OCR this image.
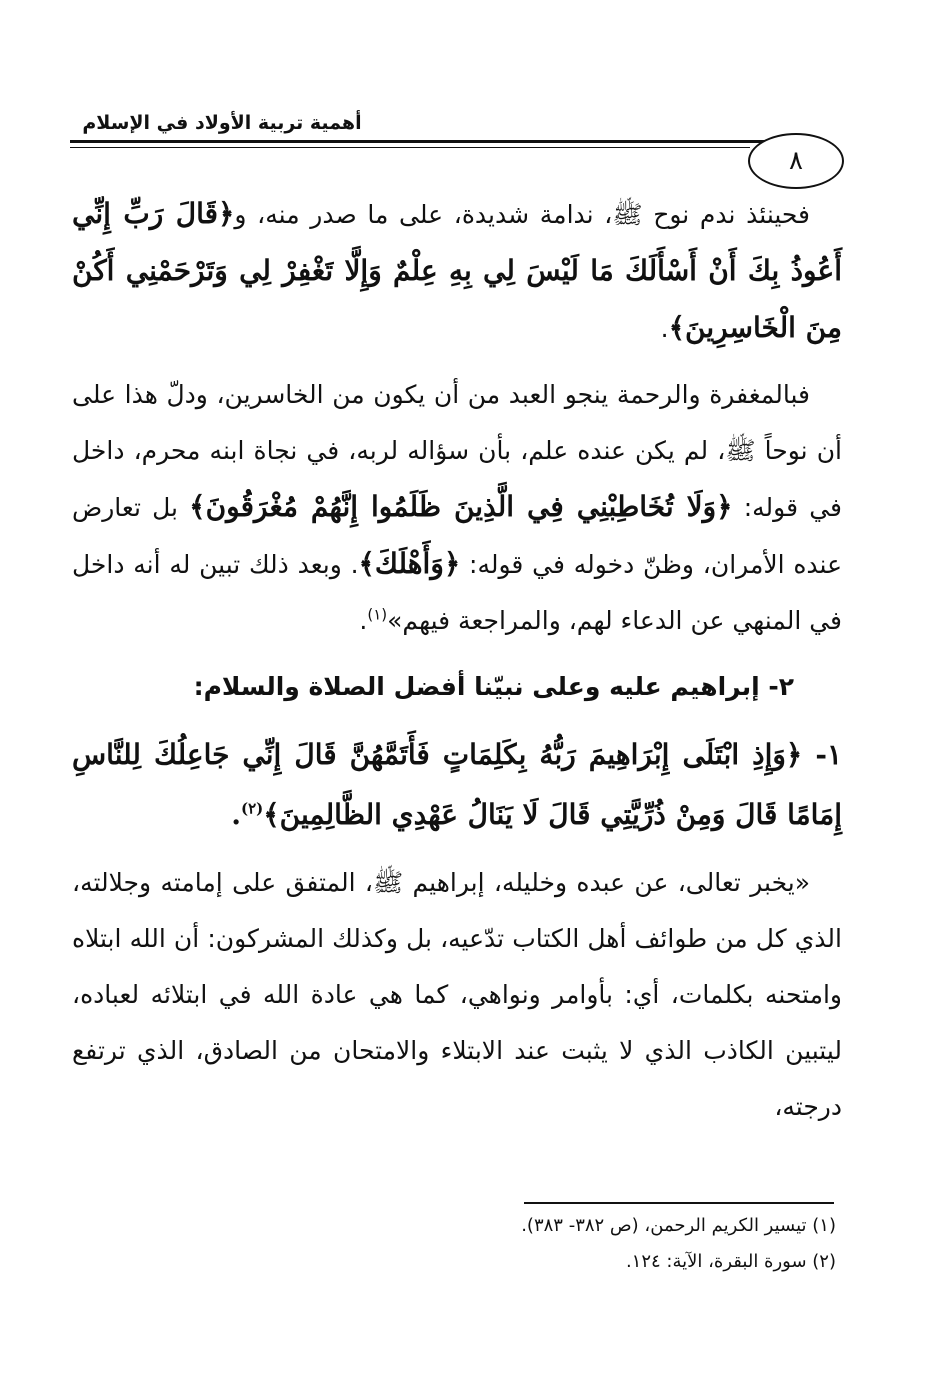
أهمية تربية الأولاد في الإسلام
٨

فحينئذ ندم نوح ﷺ، ندامة شديدة، على ما صدر منه، و﴿قَالَ رَبِّ إِنِّي أَعُوذُ بِكَ أَنْ أَسْأَلَكَ مَا لَيْسَ لِي بِهِ عِلْمٌ وَإِلَّا تَغْفِرْ لِي وَتَرْحَمْنِي أَكُنْ مِنَ الْخَاسِرِينَ﴾.

فبالمغفرة والرحمة ينجو العبد من أن يكون من الخاسرين، ودلّ هذا على أن نوحاً ﷺ، لم يكن عنده علم، بأن سؤاله لربه، في نجاة ابنه محرم، داخل في قوله: ﴿وَلَا تُخَاطِبْنِي فِي الَّذِينَ ظَلَمُوا إِنَّهُمْ مُغْرَقُونَ﴾ بل تعارض عنده الأمران، وظنّ دخوله في قوله: ﴿وَأَهْلَكَ﴾. وبعد ذلك تبين له أنه داخل في المنهي عن الدعاء لهم، والمراجعة فيهم»$^{(١)}$.

٢- إبراهيم عليه وعلى نبيّنا أفضل الصلاة والسلام:

١- ﴿وَإِذِ ابْتَلَى إِبْرَاهِيمَ رَبُّهُ بِكَلِمَاتٍ فَأَتَمَّهُنَّ قَالَ إِنِّي جَاعِلُكَ لِلنَّاسِ إِمَامًا قَالَ وَمِنْ ذُرِّيَّتِي قَالَ لَا يَنَالُ عَهْدِي الظَّالِمِينَ﴾$^{(٢)}$.

«يخبر تعالى، عن عبده وخليله، إبراهيم ﷺ، المتفق على إمامته وجلالته، الذي كل من طوائف أهل الكتاب تدّعيه، بل وكذلك المشركون: أن الله ابتلاه وامتحنه بكلمات، أي: بأوامر ونواهي، كما هي عادة الله في ابتلائه لعباده، ليتبين الكاذب الذي لا يثبت عند الابتلاء والامتحان من الصادق، الذي ترتفع درجته،

(١) تيسير الكريم الرحمن، (ص ٣٨٢- ٣٨٣).
(٢) سورة البقرة، الآية: ١٢٤.
